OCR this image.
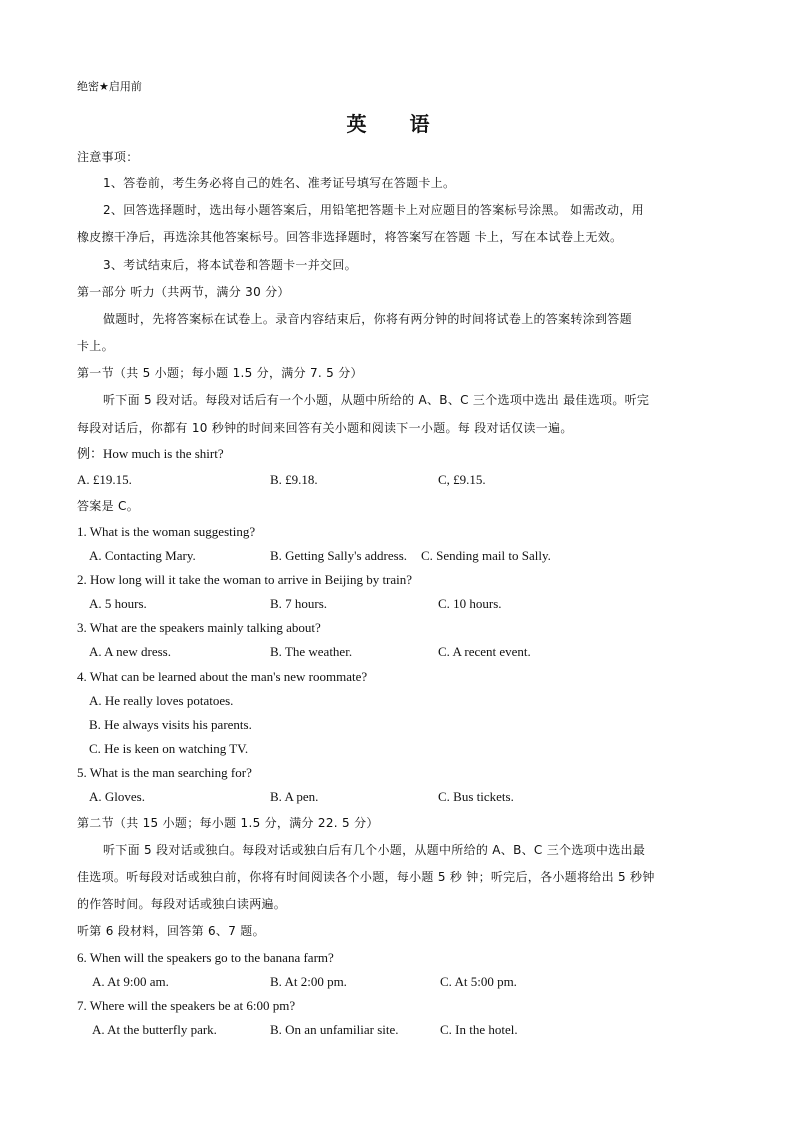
绝密★启用前
英 语
注意事项：
1、答卷前，考生务必将自己的姓名、准考证号填写在答题卡上。
2、回答选择题时，选出每小题答案后，用铅笔把答题卡上对应题目的答案标号涂黑。 如需改动，用
橡皮擦干净后，再选涂其他答案标号。回答非选择题时，将答案写在答题 卡上，写在本试卷上无效。
3、考试结束后，将本试卷和答题卡一并交回。
第一部分 听力（共两节，满分 30 分）
做题时，先将答案标在试卷上。录音内容结束后，你将有两分钟的时间将试卷上的答案转涂到答题
卡上。
第一节（共 5 小题；每小题 1.5 分，满分 7. 5 分）
听下面 5 段对话。每段对话后有一个小题，从题中所给的 A、B、C 三个选项中选出 最佳选项。听完
每段对话后，你都有 10 秒钟的时间来回答有关小题和阅读下一小题。每 段对话仅读一遍。
例：How much is the shirt?
A. £19.15.	B. £9.18.	C, £9.15.
答案是 C。
1. What is the woman suggesting?
A. Contacting Mary.	B. Getting Sally's address. C. Sending mail to Sally.
2. How long will it take the woman to arrive in Beijing by train?
A. 5 hours.	B. 7 hours.	C. 10 hours.
3. What are the speakers mainly talking about?
A. A new dress.	B. The weather.	C. A recent event.
4. What can be learned about the man's new roommate?
A. He really loves potatoes.
B. He always visits his parents.
C. He is keen on watching TV.
5. What is the man searching for?
A. Gloves.	B. A pen.	C. Bus tickets.
第二节（共 15 小题；每小题 1.5 分，满分 22. 5 分）
听下面 5 段对话或独白。每段对话或独白后有几个小题，从题中所给的 A、B、C 三个选项中选出最
佳选项。听每段对话或独白前，你将有时间阅读各个小题，每小题 5 秒 钟；听完后，各小题将给出 5 秒钟
的作答时间。每段对话或独白读两遍。
听第 6 段材料，回答第 6、7 题。
6. When will the speakers go to the banana farm?
A. At 9:00 am.	B. At 2:00 pm.	C. At 5:00 pm.
7. Where will the speakers be at 6:00 pm?
A. At the butterfly park.	B. On an unfamiliar site.	C. In the hotel.
